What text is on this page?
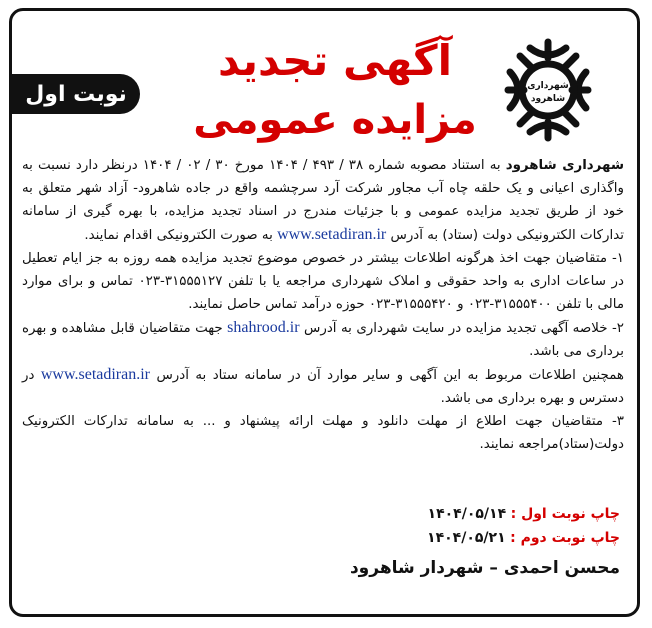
نوبت اول	شهرداری
شاهرود
آگهی تجدید
مزایده عمومی

شهرداری شاهرود به استناد مصوبه شماره ۳۸ / ۴۹۳ / ۱۴۰۴ مورخ ۳۰ / ۰۲ / ۱۴۰۴ درنظر دارد نسبت به واگذاری اعیانی و یک حلقه چاه آب مجاور شرکت آرد سرچشمه واقع در جاده شاهرود- آزاد شهر متعلق به خود از طریق تجدید مزایده عمومی و با جزئیات مندرج در اسناد تجدید مزایده، با بهره گیری از سامانه تدارکات الکترونیکی دولت (ستاد) به آدرس www.setadiran.ir به صورت الکترونیکی اقدام نمایند.

۱- متقاضیان جهت اخذ هرگونه اطلاعات بیشتر در خصوص موضوع تجدید مزایده همه روزه به جز ایام تعطیل در ساعات اداری به واحد حقوقی و املاک شهرداری مراجعه یا با تلفن ۳۱۵۵۵۱۲۷-۰۲۳ تماس و برای موارد مالی با تلفن ۳۱۵۵۵۴۰۰-۰۲۳ و ۳۱۵۵۵۴۲۰-۰۲۳ حوزه درآمد تماس حاصل نمایند.

۲- خلاصه آگهی تجدید مزایده در سایت شهرداری به آدرس shahrood.ir جهت متقاضیان قابل مشاهده و بهره برداری می باشد.

همچنین اطلاعات مربوط به این آگهی و سایر موارد آن در سامانه ستاد به آدرس www.setadiran.ir در دسترس و بهره برداری می باشد.

۳- متقاضیان جهت اطلاع از مهلت دانلود و مهلت ارائه پیشنهاد و ... به سامانه تدارکات الکترونیک دولت(ستاد)مراجعه نمایند.

چاپ نوبت اول : ۱۴۰۴/۰۵/۱۴
چاپ نوبت دوم : ۱۴۰۴/۰۵/۲۱
محسن احمدی – شهردار شاهرود
